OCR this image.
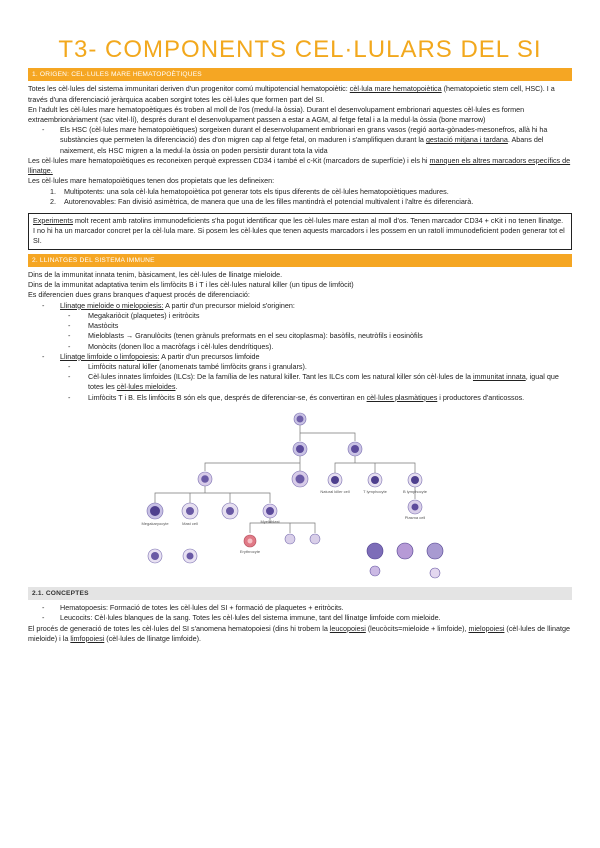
T3- COMPONENTS CEL·LULARS DEL SI
1. ORIGEN: CEL·LULES MARE HEMATOPOÈTIQUES

Totes les cèl·lules del sistema immunitari deriven d'un progenitor comú multipotencial hematopoiètic: cèl·lula mare hematopoiètica (hematopoietic stem cell, HSC). I a través d'una diferenciació jeràrquica acaben sorgint totes les cèl·lules que formen part del SI.

En l'adult les cèl·lules mare hematopoètiques és troben al moll de l'os (medul·la òssia). Durant el desenvolupament embrionari aquestes cèl·lules es formen extraembrionàriament (sac vitel·lí), després durant el desenvolupament passen a estar a AGM, al fetge fetal i a la medul·la òssia (bone marrow)

- Els HSC (cèl·lules mare hematopoiètiques) sorgeixen durant el desenvolupament embrionari en grans vasos (regió aorta-gònades-mesonefros, allà hi ha substàncies que permeten la diferenciació) des d'on migren cap al fetge fetal, on maduren i s'amplifiquen durant la gestació mitjana i tardana. Abans del naixement, els HSC migren a la medul·la òssia on poden persistir durant tota la vida

Les cèl·lules mare hematopoiètiques es reconeixen perquè expressen CD34 i també el c-Kit (marcadors de superfície) i els hi manquen els altres marcadors específics de llinatge.

Les cèl·lules mare hematopoiètiques tenen dos propietats que les defineixen:

1. Multipotents: una sola cèl·lula hematopoiètica pot generar tots els tipus diferents de cèl·lules hematopoiètiques madures.

2. Autorenovables: Fan divisió asimètrica, de manera que una de les filles mantindrà el potencial multivalent i l'altre és diferenciarà.

Experiments molt recent amb ratolins immunodeficients s'ha pogut identificar que les cèl·lules mare estan al moll d'os. Tenen marcador CD34 + cKit i no tenen llinatge. I no hi ha un marcador concret per la cèl·lula mare. Si posem les cèl·lules que tenen aquests marcadors i les possem en un ratolí immunodeficient poden generar tot el SI.
2. LLINATGES DEL SISTEMA IMMUNE

Dins de la immunitat innata tenim, bàsicament, les cèl·lules de llinatge mieloide.

Dins de la immunitat adaptativa tenim els limfòcits B i T i les cèl·lules natural killer (un tipus de limfòcit)

Es diferencien dues grans branques d'aquest procés de diferenciació:

- Llinatge mieloide o mielopoiesis: A partir d'un precursor mieloid s'originen:

- Megakariòcit (plaquetes) i eritròcits

- Mastòcits

- Mieloblasts → Granulòcits (tenen grànuls preformats en el seu citoplasma): basòfils, neutròfils i eosinòfils

- Monòcits (donen lloc a macròfags i cèl·lules dendrítiques).

- Llinatge limfoide o limfopoiesis: A partir d'un precursos limfoide

- Limfòcits natural killer (anomenats també limfòcits grans i granulars).

- Cèl·lules innates limfoides (ILCs): De la família de les natural killer. Tant les ILCs com les natural killer són cèl·lules de la immunitat innata, igual que totes les cèl·lules mieloides.

- Limfòcits T i B. Els limfòcits B són els que, després de diferenciar-se, és convertiran en cèl·lules plasmàtiques i productores d'anticossos.

Megakaryocyte
Erythrocyte
Mast cell	Myeloblast
Natural killer cell	T lymphocyte	B lymphocyte
Plasma cell
2.1. CONCEPTES

- Hematopoesis: Formació de totes les cèl·lules del SI + formació de plaquetes + eritròcits.

- Leucocits: Cèl·lules blanques de la sang. Totes les cèl·lules del sistema immune, tant del llinatge limfoide com mieloide.

El procés de generació de totes les cèl·lules del SI s'anomena hematopoiesi (dins hi trobem la leucopoiesi (leucòcits=mieloide + limfoide), mielopoiesi (cèl·lules de llinatge mieloide) i la limfopoiesi (cèl·lules de llinatge limfoide).
